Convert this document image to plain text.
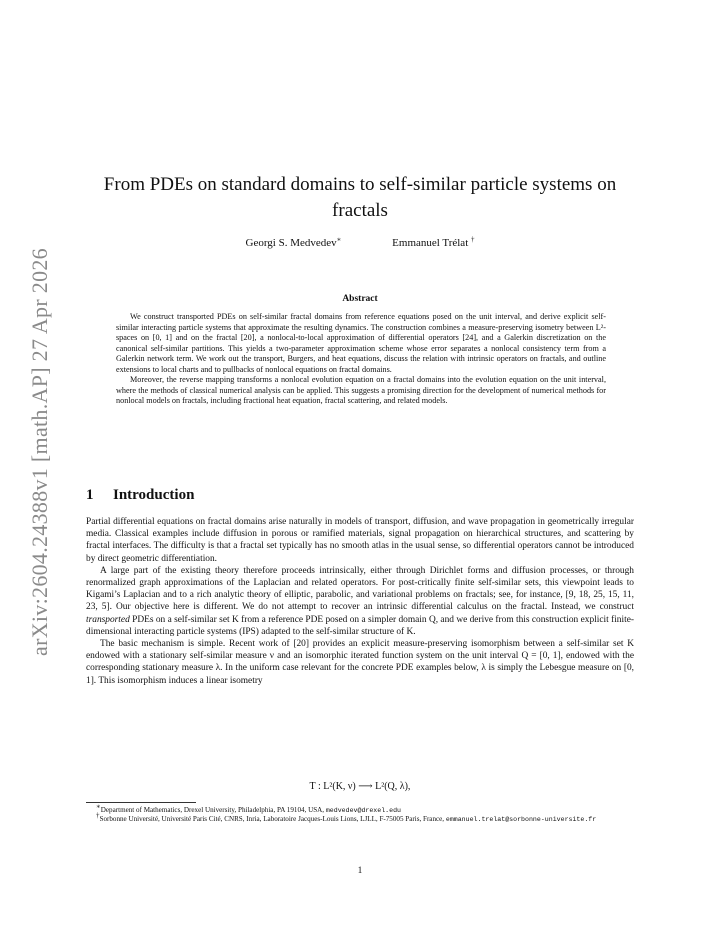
arXiv:2604.24388v1 [math.AP] 27 Apr 2026
From PDEs on standard domains to self-similar particle systems on fractals
Georgi S. Medvedev∗	Emmanuel Trélat †
Abstract

We construct transported PDEs on self-similar fractal domains from reference equations posed on the unit interval, and derive explicit self-similar interacting particle systems that approximate the resulting dynamics. The construction combines a measure-preserving isometry between L²-spaces on [0, 1] and on the fractal [20], a nonlocal-to-local approximation of differential operators [24], and a Galerkin discretization on the canonical self-similar partitions. This yields a two-parameter approximation scheme whose error separates a nonlocal consistency term from a Galerkin network term. We work out the transport, Burgers, and heat equations, discuss the relation with intrinsic operators on fractals, and outline extensions to local charts and to pullbacks of nonlocal equations on fractal domains.

Moreover, the reverse mapping transforms a nonlocal evolution equation on a fractal domains into the evolution equation on the unit interval, where the methods of classical numerical analysis can be applied. This suggests a promising direction for the development of numerical methods for nonlocal models on fractals, including fractional heat equation, fractal scattering, and related models.

1 Introduction

Partial differential equations on fractal domains arise naturally in models of transport, diffusion, and wave propagation in geometrically irregular media. Classical examples include diffusion in porous or ramified materials, signal propagation on hierarchical structures, and scattering by fractal interfaces. The difficulty is that a fractal set typically has no smooth atlas in the usual sense, so differential operators cannot be introduced by direct geometric differentiation.

A large part of the existing theory therefore proceeds intrinsically, either through Dirichlet forms and diffusion processes, or through renormalized graph approximations of the Laplacian and related operators. For post-critically finite self-similar sets, this viewpoint leads to Kigami’s Laplacian and to a rich analytic theory of elliptic, parabolic, and variational problems on fractals; see, for instance, [9, 18, 25, 15, 11, 23, 5]. Our objective here is different. We do not attempt to recover an intrinsic differential calculus on the fractal. Instead, we construct transported PDEs on a self-similar set K from a reference PDE posed on a simpler domain Q, and we derive from this construction explicit finite-dimensional interacting particle systems (IPS) adapted to the self-similar structure of K.

The basic mechanism is simple. Recent work of [20] provides an explicit measure-preserving isomorphism between a self-similar set K endowed with a stationary self-similar measure ν and an isomorphic iterated function system on the unit interval Q = [0, 1], endowed with the corresponding stationary measure λ. In the uniform case relevant for the concrete PDE examples below, λ is simply the Lebesgue measure on [0, 1]. This isomorphism induces a linear isometry

T : L²(K, ν) ⟶ L²(Q, λ),

∗Department of Mathematics, Drexel University, Philadelphia, PA 19104, USA, medvedev@drexel.edu

†Sorbonne Université, Université Paris Cité, CNRS, Inria, Laboratoire Jacques-Louis Lions, LJLL, F-75005 Paris, France, emmanuel.trelat@sorbonne-universite.fr

1
